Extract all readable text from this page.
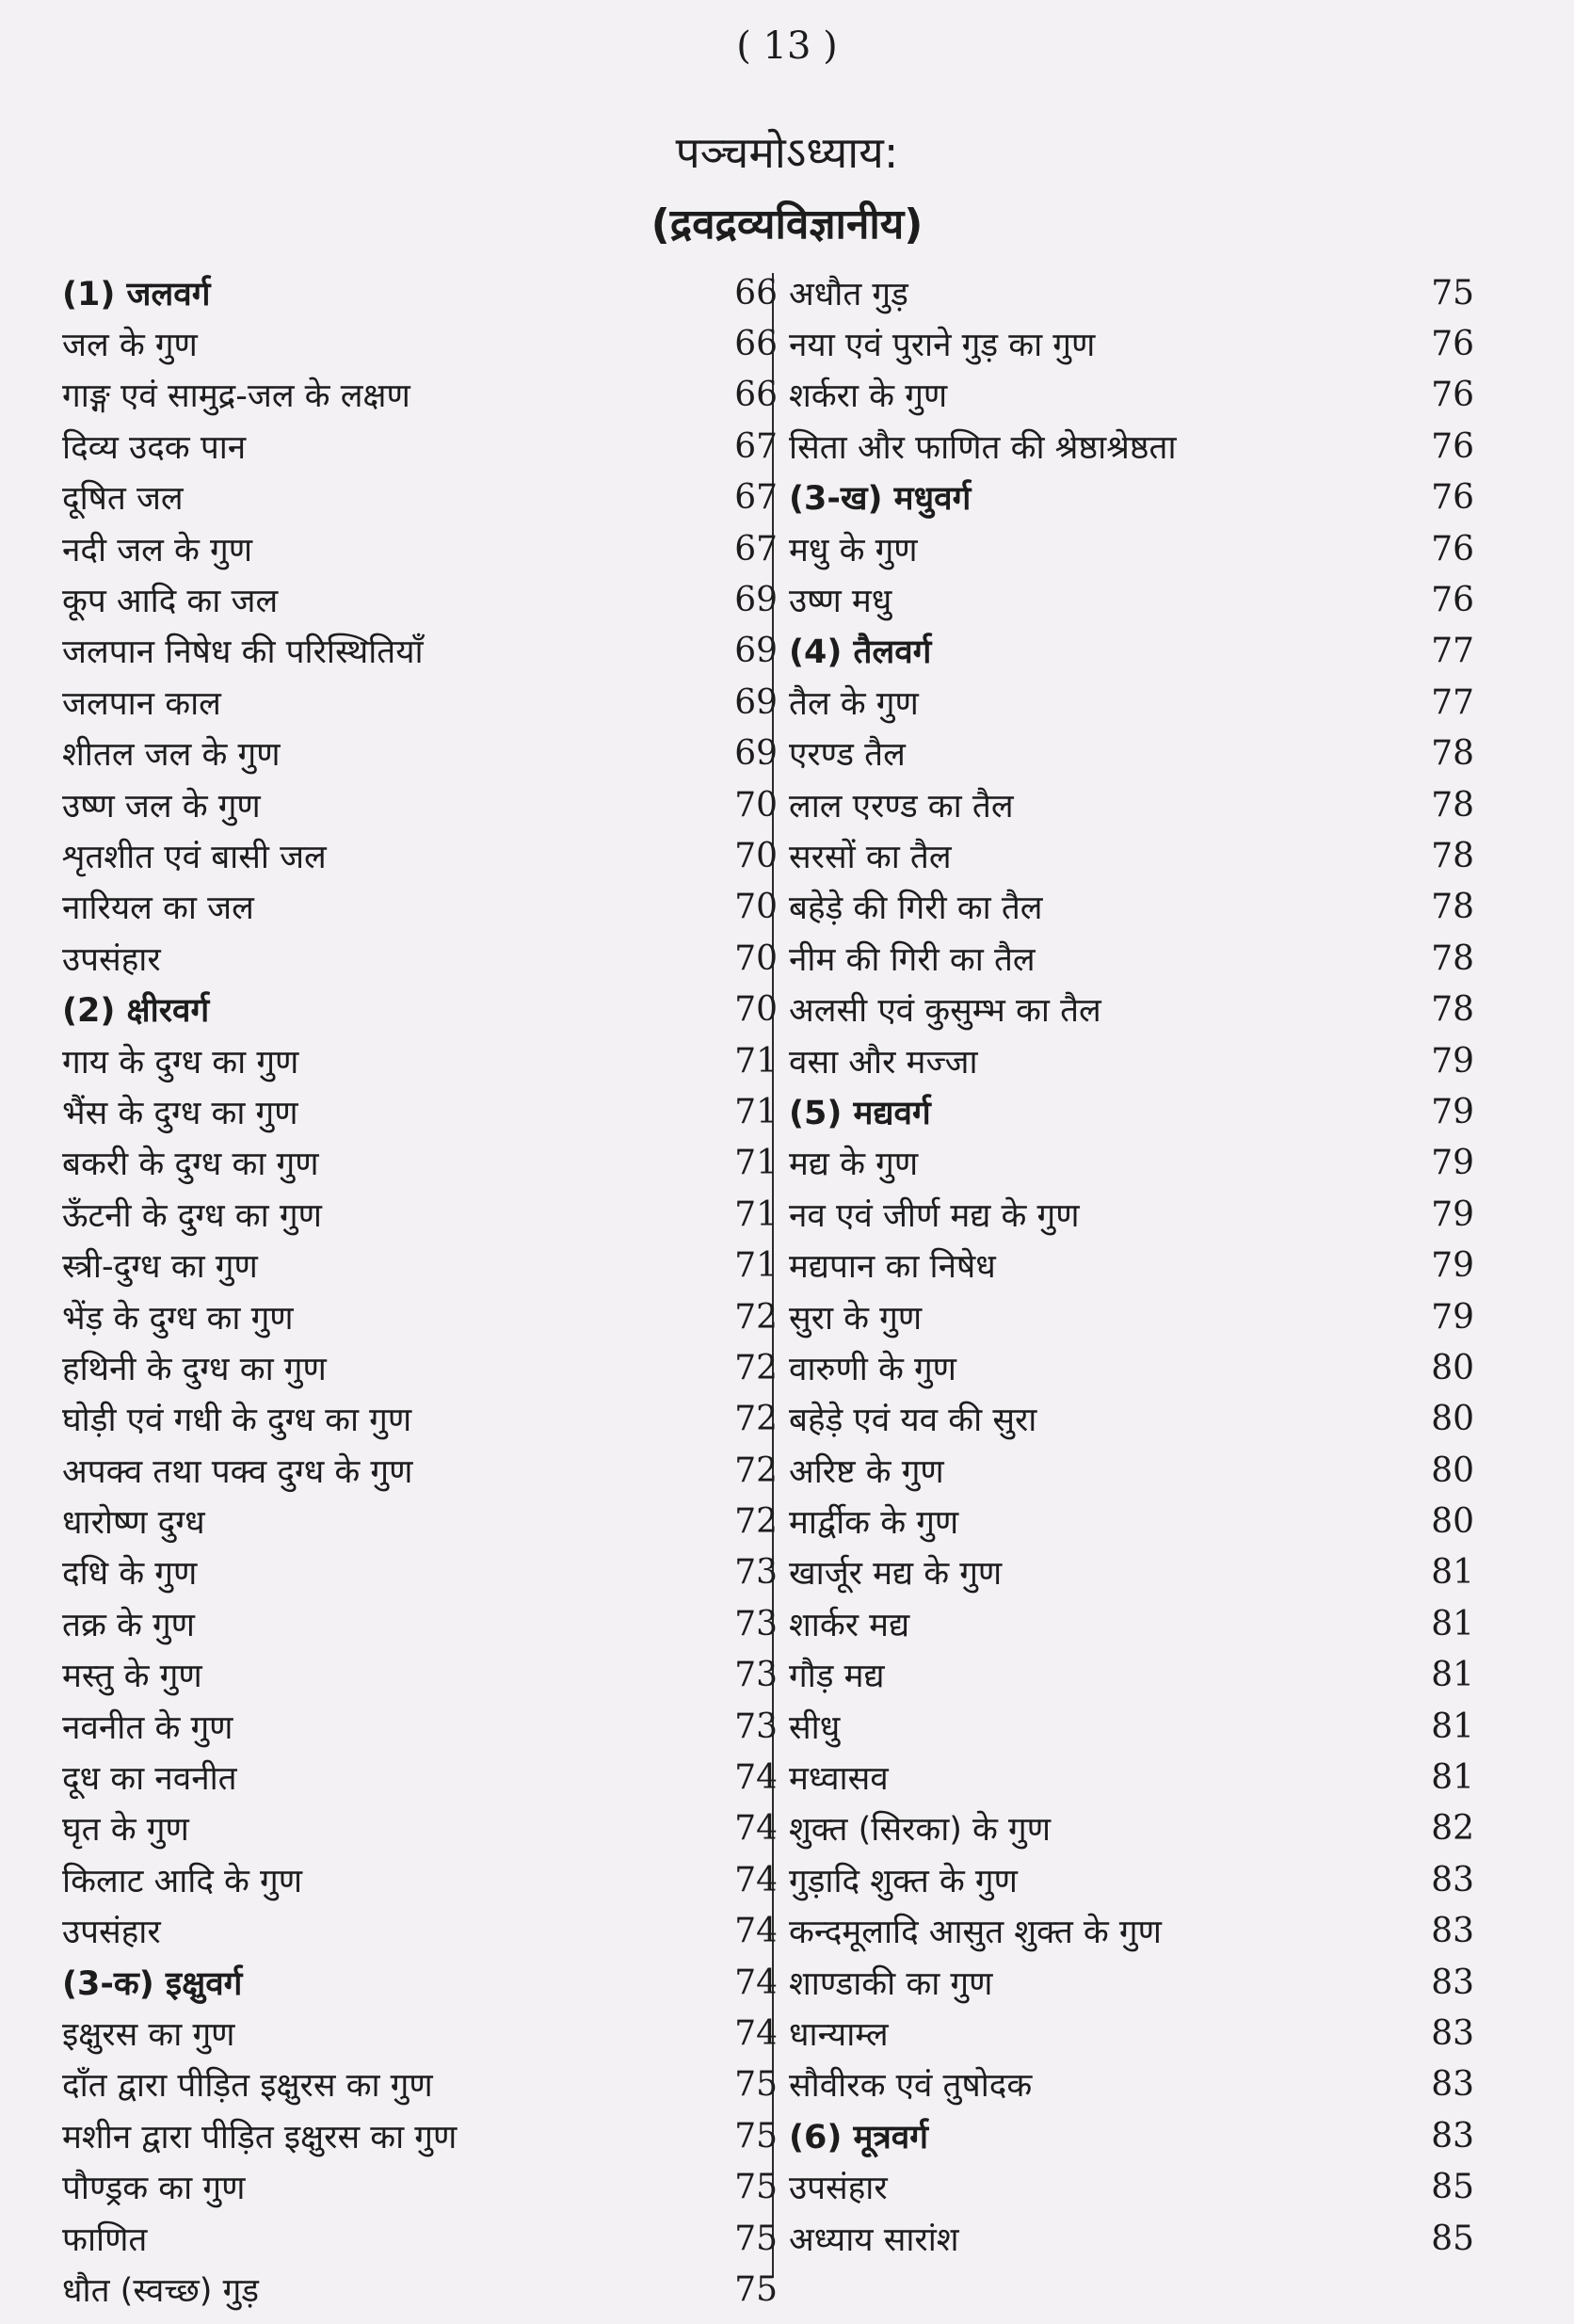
( 13 )
पञ्चमोऽध्याय:
(द्रवद्रव्यविज्ञानीय)
(1) जलवर्ग	66
जल के गुण	66
गाङ्ग एवं सामुद्र-जल के लक्षण	66
दिव्य उदक पान	67
दूषित जल	67
नदी जल के गुण	67
कूप आदि का जल	69
जलपान निषेध की परिस्थितियाँ	69
जलपान काल	69
शीतल जल के गुण	69
उष्ण जल के गुण	70
शृतशीत एवं बासी जल	70
नारियल का जल	70
उपसंहार	70
(2) क्षीरवर्ग	70
गाय के दुग्ध का गुण	71
भैंस के दुग्ध का गुण	71
बकरी के दुग्ध का गुण	71
ऊँटनी के दुग्ध का गुण	71
स्त्री-दुग्ध का गुण	71
भेंड़ के दुग्ध का गुण	72
हथिनी के दुग्ध का गुण	72
घोड़ी एवं गधी के दुग्ध का गुण	72
अपक्व तथा पक्व दुग्ध के गुण	72
धारोष्ण दुग्ध	72
दधि के गुण	73
तक्र के गुण	73
मस्तु के गुण	73
नवनीत के गुण	73
दूध का नवनीत	74
घृत के गुण	74
किलाट आदि के गुण	74
उपसंहार	74
(3-क) इक्षुवर्ग	74
इक्षुरस का गुण	74
दाँत द्वारा पीड़ित इक्षुरस का गुण	75
मशीन द्वारा पीड़ित इक्षुरस का गुण	75
पौण्ड्रक का गुण	75
फाणित	75
धौत (स्वच्छ) गुड़	75
अधौत गुड़	75
नया एवं पुराने गुड़ का गुण	76
शर्करा के गुण	76
सिता और फाणित की श्रेष्ठाश्रेष्ठता	76
(3-ख) मधुवर्ग	76
मधु के गुण	76
उष्ण मधु	76
(4) तैलवर्ग	77
तैल के गुण	77
एरण्ड तैल	78
लाल एरण्ड का तैल	78
सरसों का तैल	78
बहेड़े की गिरी का तैल	78
नीम की गिरी का तैल	78
अलसी एवं कुसुम्भ का तैल	78
वसा और मज्जा	79
(5) मद्यवर्ग	79
मद्य के गुण	79
नव एवं जीर्ण मद्य के गुण	79
मद्यपान का निषेध	79
सुरा के गुण	79
वारुणी के गुण	80
बहेड़े एवं यव की सुरा	80
अरिष्ट के गुण	80
मार्द्वीक के गुण	80
खार्जूर मद्य के गुण	81
शार्कर मद्य	81
गौड़ मद्य	81
सीधु	81
मध्वासव	81
शुक्त (सिरका) के गुण	82
गुड़ादि शुक्त के गुण	83
कन्दमूलादि आसुत शुक्त के गुण	83
शाण्डाकी का गुण	83
धान्याम्ल	83
सौवीरक एवं तुषोदक	83
(6) मूत्रवर्ग	83
उपसंहार	85
अध्याय सारांश	85
